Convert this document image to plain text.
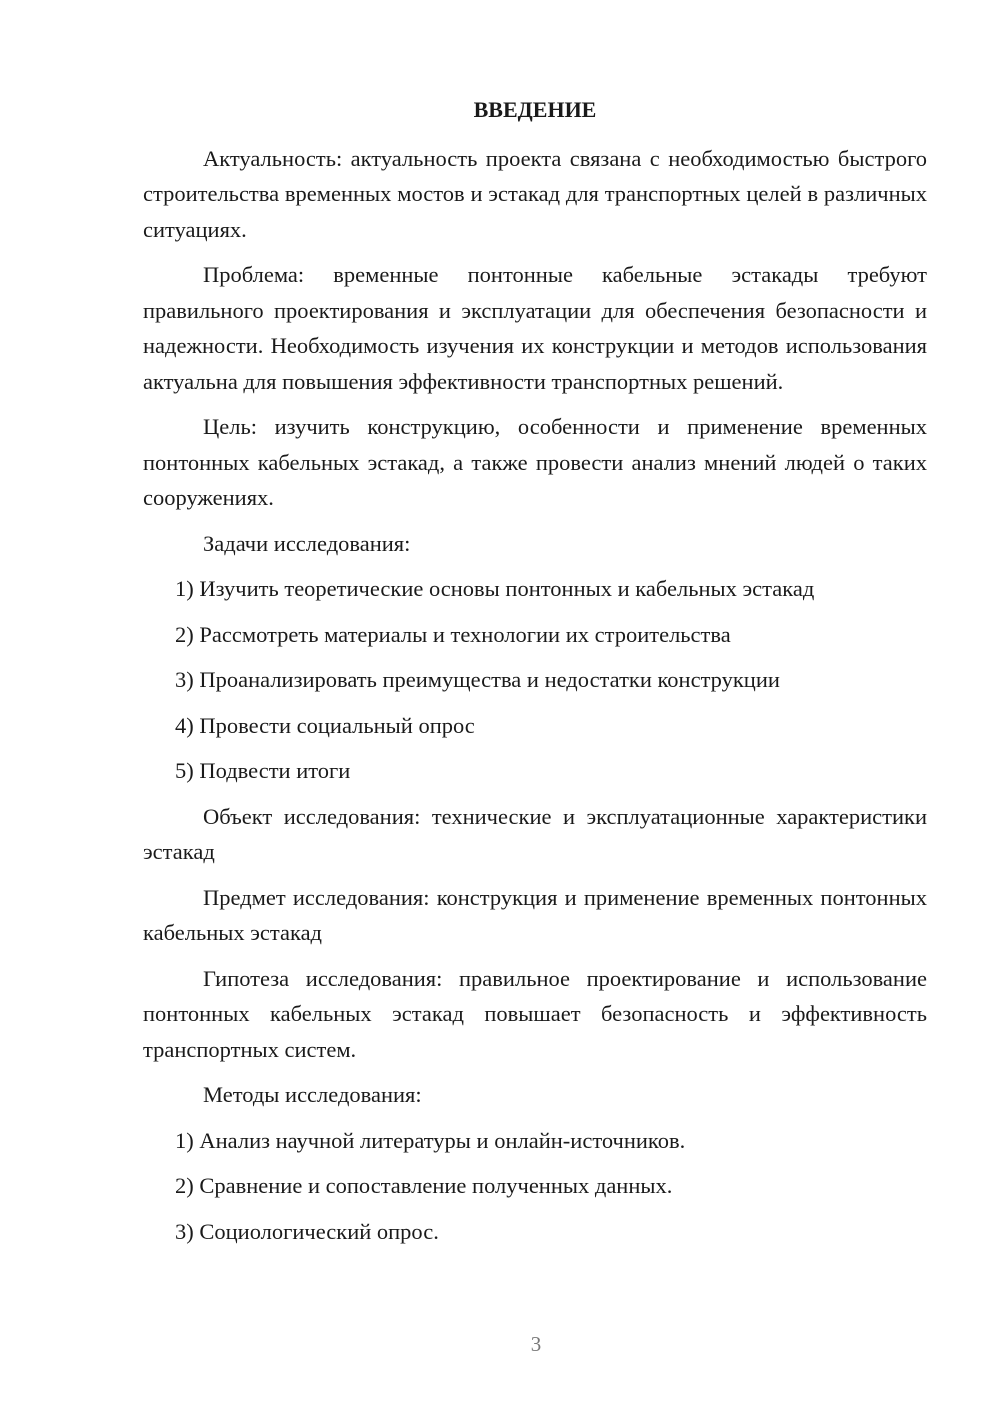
ВВЕДЕНИЕ

Актуальность: актуальность проекта связана с необходимостью быстрого строительства временных мостов и эстакад для транспортных целей в различных ситуациях.

Проблема: временные понтонные кабельные эстакады требуют правильного проектирования и эксплуатации для обеспечения безопасности и надежности. Необходимость изучения их конструкции и методов использования актуальна для повышения эффективности транспортных решений.

Цель: изучить конструкцию, особенности и применение временных понтонных кабельных эстакад, а также провести анализ мнений людей о таких сооружениях.

Задачи исследования:

1) Изучить теоретические основы понтонных и кабельных эстакад

2) Рассмотреть материалы и технологии их строительства

3) Проанализировать преимущества и недостатки конструкции

4) Провести социальный опрос

5) Подвести итоги

Объект исследования: технические и эксплуатационные характеристики эстакад

Предмет исследования: конструкция и применение временных понтонных кабельных эстакад

Гипотеза исследования: правильное проектирование и использование понтонных кабельных эстакад повышает безопасность и эффективность транспортных систем.

Методы исследования:

1) Анализ научной литературы и онлайн-источников.

2) Сравнение и сопоставление полученных данных.

3) Социологический опрос.

3
